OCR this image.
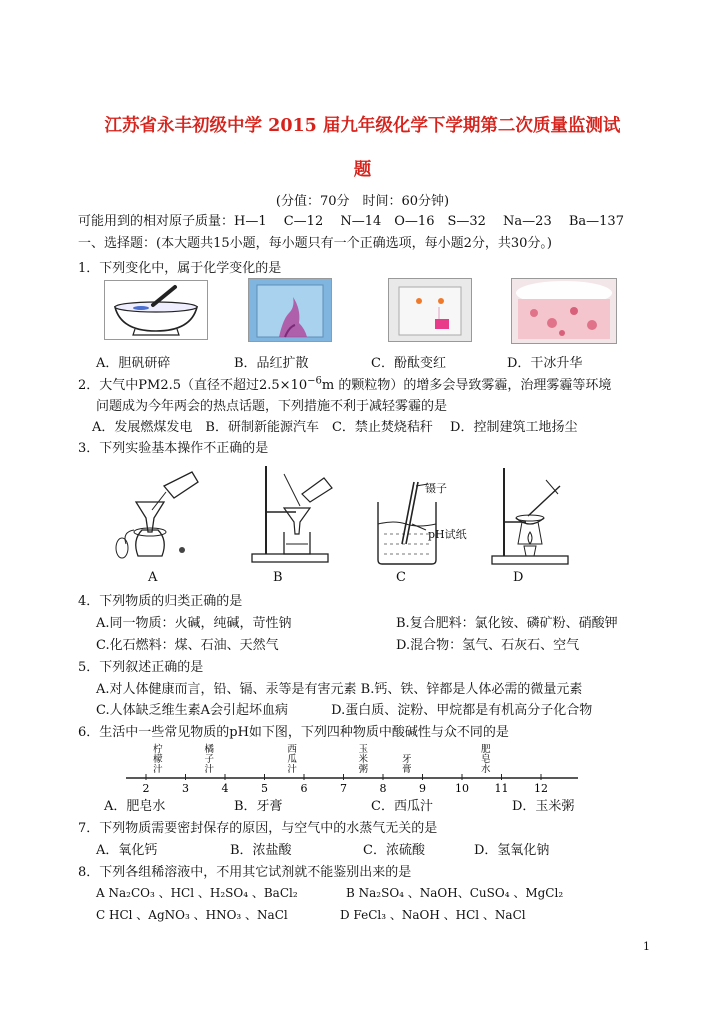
江苏省永丰初级中学 2015 届九年级化学下学期第二次质量监测试
题
(分值：70分　时间：60分钟)
可能用到的相对原子质量：H—1　 C—12　 N—14　O—16　S—32　 Na—23　 Ba—137
一、选择题：(本大题共15小题，每小题只有一个正确选项，每小题2分，共30分。)
1．下列变化中，属于化学变化的是
A．胆矾研碎	B．品红扩散	C．酚酞变红	D．干冰升华
2．大气中PM2.5（直径不超过$2.5\times 10^{-6}m$ 的颗粒物）的增多会导致雾霾，治理雾霾等环境
问题成为今年两会的热点话题，下列措施不利于减轻雾霾的是
A．发展燃煤发电　B．研制新能源汽车　C．禁止焚烧秸秆　 D．控制建筑工地扬尘
3．下列实验基本操作不正确的是
A	B
镊子
pH试纸
C	D
4．下列物质的归类正确的是
A.同一物质：火碱，纯碱，苛性钠	B.复合肥料：氯化铵、磷矿粉、硝酸钾
C.化石燃料：煤、石油、天然气	D.混合物：氢气、石灰石、空气
5．下列叙述正确的是
A.对人体健康而言，铅、镉、汞等是有害元素 B.钙、铁、锌都是人体必需的微量元素
C.人体缺乏维生素A会引起坏血病　　　 D.蛋白质、淀粉、甲烷都是有机高分子化合物
6．生活中一些常见物质的pH如下图，下列四种物质中酸碱性与众不同的是
柠檬汁
橘子汁
西瓜汁
玉米粥
牙膏
肥皂水
2	3	4	5	6	7	8	9	10 11 12
A．肥皂水	B．牙膏	C．西瓜汁	D．玉米粥
7．下列物质需要密封保存的原因，与空气中的水蒸气无关的是
A．氧化钙	B．浓盐酸	C．浓硫酸	D．氢氧化钠
8．下列各组稀溶液中，不用其它试剂就不能鉴别出来的是
A Na₂CO₃ 、HCl 、H₂SO₄ 、BaCl₂	B Na₂SO₄ 、NaOH、CuSO₄ 、MgCl₂
C HCl 、AgNO₃ 、HNO₃ 、NaCl	D FeCl₃ 、NaOH 、HCl 、NaCl
1
